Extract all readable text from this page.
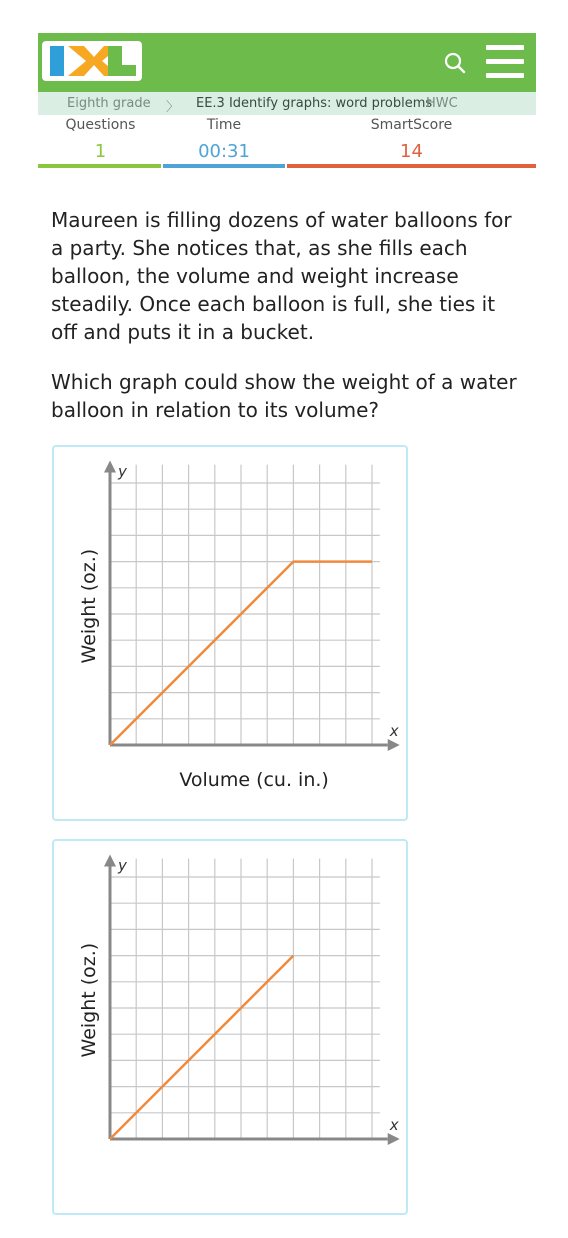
Eighth grade 〉 EE.3 Identify graphs: word problems
HWC
Questions
1
Time
00:31
SmartScore
14

Maureen is filling dozens of water balloons for a party. She notices that, as she fills each balloon, the volume and weight increase steadily. Once each balloon is full, she ties it off and puts it in a bucket.

Which graph could show the weight of a water balloon in relation to its volume?

x
y
Weight (oz.)
Volume (cu. in.)
x
y
Weight (oz.)
